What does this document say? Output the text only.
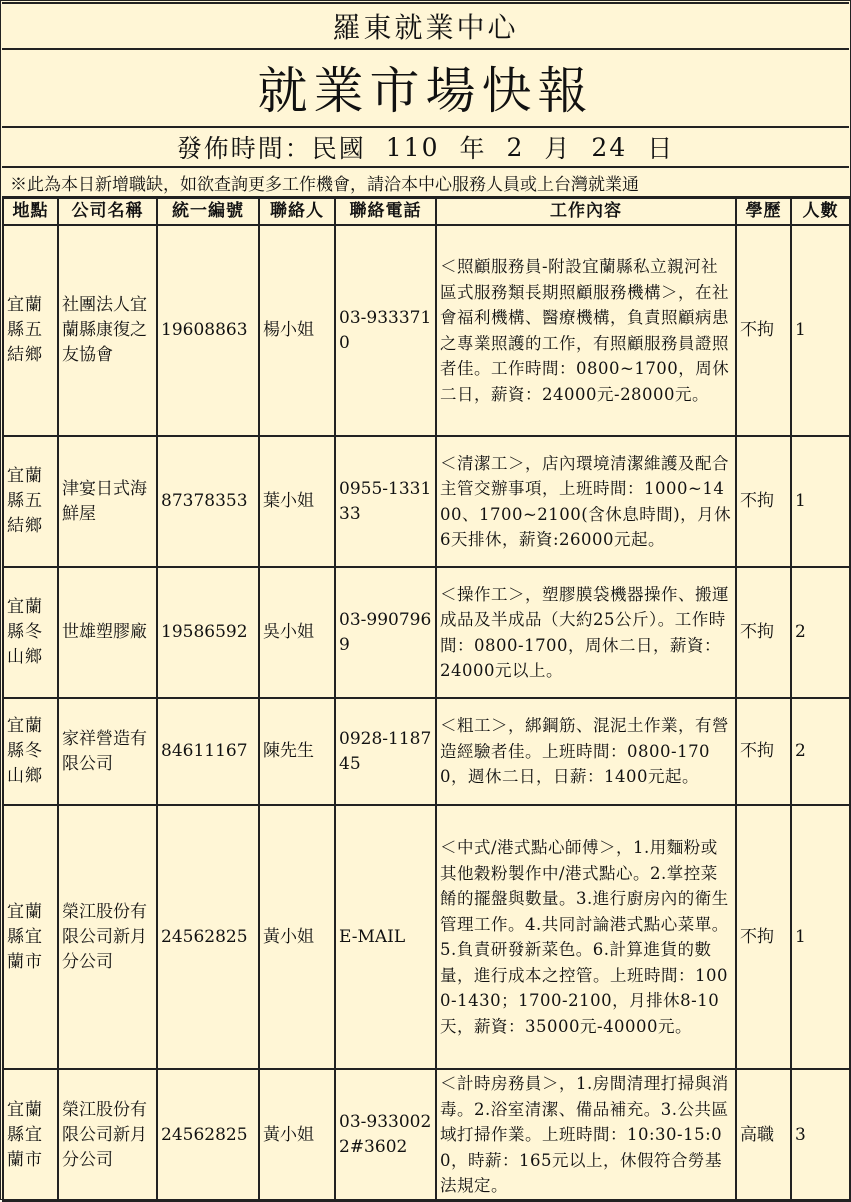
羅東就業中心
就業市場快報
發佈時間：民國 110 年 2 月 24 日
※此為本日新增職缺，如欲查詢更多工作機會，請洽本中心服務人員或上台灣就業通
地點	公司名稱	統一編號	聯絡人	聯絡電話	工作內容	學歷	人數
宜蘭縣五結鄉	社團法人宜蘭縣康復之友協會	19608863	楊小姐	03-9333710	＜照顧服務員-附設宜蘭縣私立親河社區式服務類長期照顧服務機構＞，在社會福利機構、醫療機構，負責照顧病患之專業照護的工作，有照顧服務員證照者佳。工作時間：0800~1700，周休二日，薪資：24000元-28000元。	不拘	1
宜蘭縣五結鄉	津宴日式海鮮屋	87378353	葉小姐	0955-133133	＜清潔工＞，店內環境清潔維護及配合主管交辦事項，上班時間：1000~1400、1700~2100(含休息時間)，月休6天排休，薪資:26000元起。	不拘	1
宜蘭縣冬山鄉	世雄塑膠廠	19586592	吳小姐	03-9907969	＜操作工＞，塑膠膜袋機器操作、搬運成品及半成品（大約25公斤）。工作時間：0800-1700，周休二日，薪資：24000元以上。	不拘	2
宜蘭縣冬山鄉	家祥營造有限公司	84611167	陳先生	0928-118745	＜粗工＞，綁鋼筋、混泥土作業，有營造經驗者佳。上班時間：0800-1700，週休二日，日薪：1400元起。	不拘	2
宜蘭縣宜蘭市	榮江股份有限公司新月分公司	24562825	黃小姐	E-MAIL	＜中式/港式點心師傅＞，1.用麵粉或其他穀粉製作中/港式點心。2.掌控菜餚的擺盤與數量。3.進行廚房內的衛生管理工作。4.共同討論港式點心菜單。5.負責研發新菜色。6.計算進貨的數量，進行成本之控管。上班時間：1000-1430；1700-2100，月排休8-10天，薪資：35000元-40000元。	不拘	1
宜蘭縣宜蘭市	榮江股份有限公司新月分公司	24562825	黃小姐	03-9330022#3602	＜計時房務員＞，1.房間清理打掃與消毒。2.浴室清潔、備品補充。3.公共區域打掃作業。上班時間：10:30-15:00，時薪：165元以上，休假符合勞基法規定。	高職	3
